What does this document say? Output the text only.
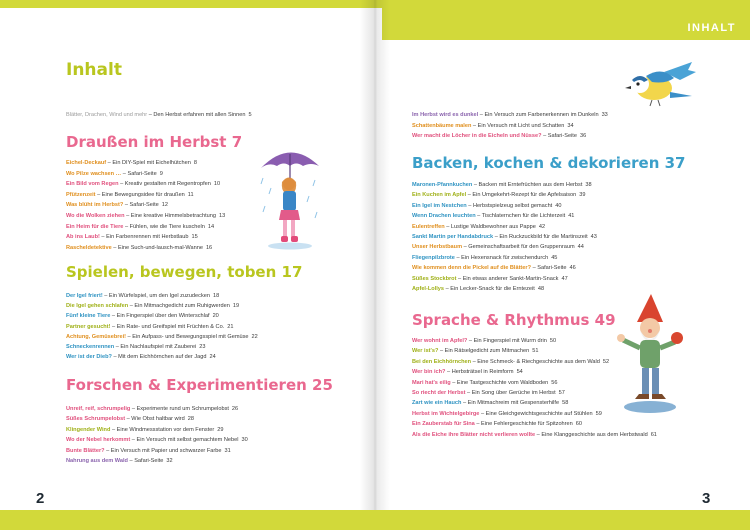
INHALT
Inhalt
Blätter, Drachen, Wind und mehr – Den Herbst erfahren mit allen Sinnen 5
Draußen im Herbst 7
Eichel-Deckauf – Ein DIY-Spiel mit Eichelhütchen 8
Wo Pilze wachsen … – Safari-Seite 9
Ein Bild vom Regen – Kreativ gestalten mit Regentropfen 10
Pfützenzeit – Eine Bewegungsidee für draußen 11
Was blüht im Herbst? – Safari-Seite 12
Wo die Wolken ziehen – Eine kreative Himmelsbetrachtung 13
Ein Heim für die Tiere – Fühlen, wie die Tiere kuscheln 14
Ab ins Laub! – Ein Farbenrennen mit Herbstlaub 15
Rascheldetektive – Eine Such-und-lausch-mal-Wanne 16
Spielen, bewegen, toben 17
Der Igel friert! – Ein Würfelspiel, um den Igel zuzudecken 18
Die Igel gehen schlafen – Ein Mitmachgedicht zum Ruhigwerden 19
Fünf kleine Tiere – Ein Fingerspiel über den Winterschlaf 20
Partner gesucht! – Ein Rate- und Greifspiel mit Früchten & Co. 21
Achtung, Gemüsebrei! – Ein Aufpass- und Bewegungsspiel mit Gemüse 22
Schneckenrennen – Ein Nachlaufspiel mit Zauberei 23
Wer ist der Dieb? – Mit dem Eichhörnchen auf der Jagd 24
Forschen & Experimentieren 25
Unreif, reif, schrumpelig – Experimente rund um Schrumpelobst 26
Süßes Schrumpelobst – Wie Obst haltbar wird 28
Klingender Wind – Eine Windmessstation vor dem Fenster 29
Wo der Nebel herkommt – Ein Versuch mit selbst gemachtem Nebel 30
Bunte Blätter? – Ein Versuch mit Papier und schwarzer Farbe 31
Nahrung aus dem Wald – Safari-Seite 32
Im Herbst wird es dunkel – Ein Versuch zum Farbenerkennen im Dunkeln 33
Schattenbäume malen – Ein Versuch mit Licht und Schatten 34
Wer macht die Löcher in die Eicheln und Nüsse? – Safari-Seite 36
Backen, kochen & dekorieren 37
Maronen-Pfannkuchen – Backen mit Erntefrüchten aus dem Herbst 38
Ein Kuchen im Apfel – Ein Umgekehrt-Rezept für die Apfelsaison 39
Ein Igel im Nestchen – Herbstspielzeug selbst gemacht 40
Wenn Drachen leuchten – Tischlaternchen für die Lichterzeit 41
Eulentreffen – Lustige Waldbewohner aus Pappe 42
Sankt Martin per Handabdruck – Ein Ruckzuckbild für die Martinszeit 43
Unser Herbstbaum – Gemeinschaftsarbeit für den Gruppenraum 44
Fliegenpilzbrote – Ein Hexensnack für zwischendurch 45
Wie kommen denn die Pickel auf die Blätter? – Safari-Seite 46
Süßes Stockbrot – Ein etwas anderer Sankt-Martin-Snack 47
Apfel-Lollys – Ein Lecker-Snack für die Erntezeit 48
Sprache & Rhythmus 49
Wer wohnt im Apfel? – Ein Fingerspiel mit Wurm drin 50
Wer ist's? – Ein Rätselgedicht zum Mitmachen 51
Bei den Eichhörnchen – Eine Schmeck- & Riechgeschichte aus dem Wald 52
Wer bin ich? – Herbsträtsel in Reimform 54
Mari hat's eilig – Eine Tastgeschichte vom Waldboden 56
So riecht der Herbst – Ein Song über Gerüche im Herbst 57
Zart wie ein Hauch – Ein Mitmachreim mit Gespensterhilfe 58
Herbst im Wichtelgebirge – Eine Gleichgewichtsgeschichte auf Stühlen 59
Ein Zauberstab für Sina – Eine Fehlergeschichte für Spitzohren 60
Als die Eiche ihre Blätter nicht verlieren wollte – Eine Klanggeschichte aus dem Herbstwald 61
2	3
